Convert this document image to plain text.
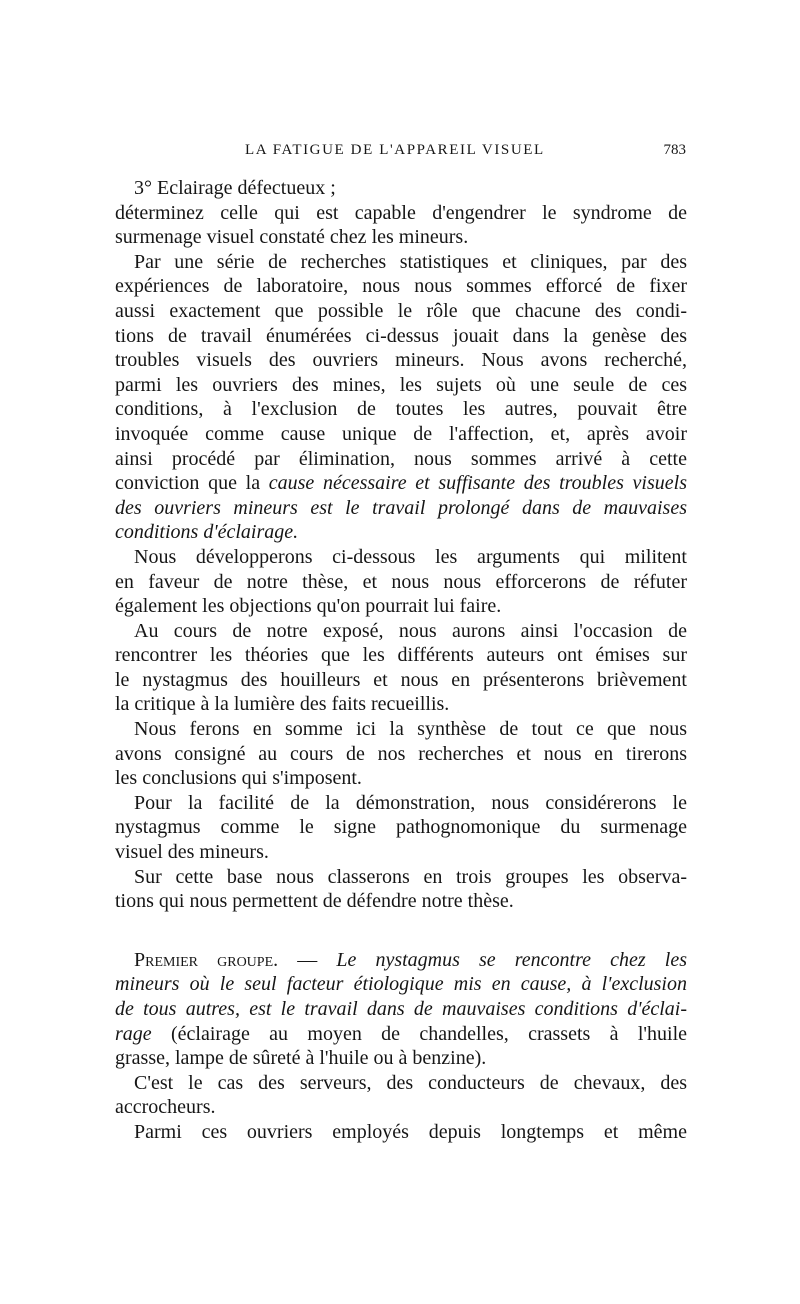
LA FATIGUE DE L'APPAREIL VISUEL	783
3° Eclairage défectueux ;
déterminez celle qui est capable d'engendrer le syndrome de
surmenage visuel constaté chez les mineurs.
Par une série de recherches statistiques et cliniques, par des
expériences de laboratoire, nous nous sommes efforcé de fixer
aussi exactement que possible le rôle que chacune des condi-
tions de travail énumérées ci-dessus jouait dans la genèse des
troubles visuels des ouvriers mineurs. Nous avons recherché,
parmi les ouvriers des mines, les sujets où une seule de ces
conditions, à l'exclusion de toutes les autres, pouvait être
invoquée comme cause unique de l'affection, et, après avoir
ainsi procédé par élimination, nous sommes arrivé à cette
conviction que la cause nécessaire et suffisante des troubles visuels
des ouvriers mineurs est le travail prolongé dans de mauvaises
conditions d'éclairage.
Nous développerons ci-dessous les arguments qui militent
en faveur de notre thèse, et nous nous efforcerons de réfuter
également les objections qu'on pourrait lui faire.
Au cours de notre exposé, nous aurons ainsi l'occasion de
rencontrer les théories que les différents auteurs ont émises sur
le nystagmus des houilleurs et nous en présenterons brièvement
la critique à la lumière des faits recueillis.
Nous ferons en somme ici la synthèse de tout ce que nous
avons consigné au cours de nos recherches et nous en tirerons
les conclusions qui s'imposent.
Pour la facilité de la démonstration, nous considérerons le
nystagmus comme le signe pathognomonique du surmenage
visuel des mineurs.
Sur cette base nous classerons en trois groupes les observa-
tions qui nous permettent de défendre notre thèse.
Premier groupe. — Le nystagmus se rencontre chez les
mineurs où le seul facteur étiologique mis en cause, à l'exclusion
de tous autres, est le travail dans de mauvaises conditions d'éclai-
rage (éclairage au moyen de chandelles, crassets à l'huile
grasse, lampe de sûreté à l'huile ou à benzine).
C'est le cas des serveurs, des conducteurs de chevaux, des
accrocheurs.
Parmi ces ouvriers employés depuis longtemps et même
